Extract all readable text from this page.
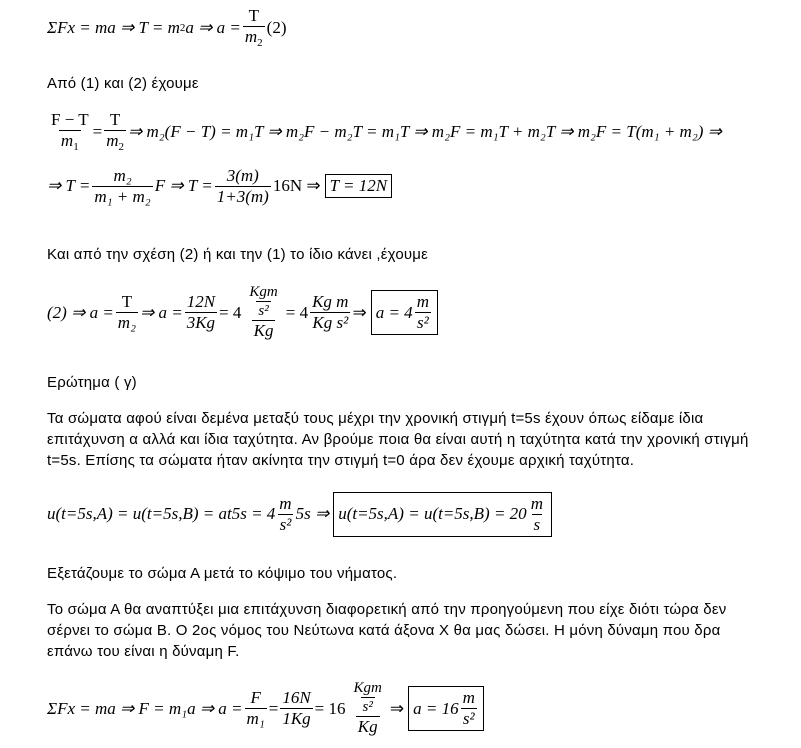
ΣFx = ma ⇒ T = m 2 a ⇒ $a = \frac{T}{m_2} (2)$
Από (1) και (2) έχουμε
$\frac{F - T}{m_1} = \frac{T}{m_2}$ ⇒ m₂(F − T) = m₁T ⇒ m₂F − m₂T = m₁T ⇒ m₂F = m₁T + m₂T ⇒ m₂F = T(m₁ + m₂) ⇒
⇒ $T = \frac{\text{m₂}}{\text{m₁ + m₂}}$ F ⇒ $T = \frac{3(m)}{1+3(m)} 16N$ ⇒ T = 12N
Και από την σχέση (2) ή και την (1) το ίδιο κάνει ,έχουμε
(2) ⇒ $a = \frac{T}{\text{m₂}}$ ⇒ $a = \frac{12N}{3Kg} = 4 \frac{\frac{\text{Kgm}}{\text{s²}}}{Kg} = 4 \frac{\text{Kg m}}{\text{Kg s²}}$ ⇒ $a = 4 \frac{m}{\text{s²}}$
Ερώτημα ( γ)
Τα σώματα αφού είναι δεμένα μεταξύ τους μέχρι την χρονική στιγμή t=5s έχουν όπως είδαμε ίδια επιτάχυνση α αλλά και ίδια ταχύτητα. Αν βρούμε ποια θα είναι αυτή η ταχύτητα κατά την χρονική στιγμή t=5s. Επίσης τα σώματα ήταν ακίνητα την στιγμή t=0 άρα δεν έχουμε αρχική ταχύτητα.
$u(t=5s,A) = u(t=5s,B) = at5s = 4 \frac{m}{\text{s²}} 5s$ ⇒ $u(t=5s,A) = u(t=5s,B) = 20 \frac{m}{s}$
Εξετάζουμε το σώμα Α μετά το κόψιμο του νήματος.
Το σώμα Α θα αναπτύξει μια επιτάχυνση διαφορετική από την προηγούμενη που είχε διότι τώρα δεν σέρνει το σώμα Β. Ο 2ος νόμος του Νεύτωνα κατά άξονα Χ θα μας δώσει. Η μόνη δύναμη που δρα επάνω του είναι η δύναμη F.
ΣFx = ma ⇒ F = m₁a ⇒ $a = \frac{F}{\text{m₁}} = \frac{16N}{1Kg} = 16 \frac{\frac{\text{Kgm}}{\text{s²}}}{Kg}$ ⇒ $a = 16 \frac{m}{\text{s²}}$
